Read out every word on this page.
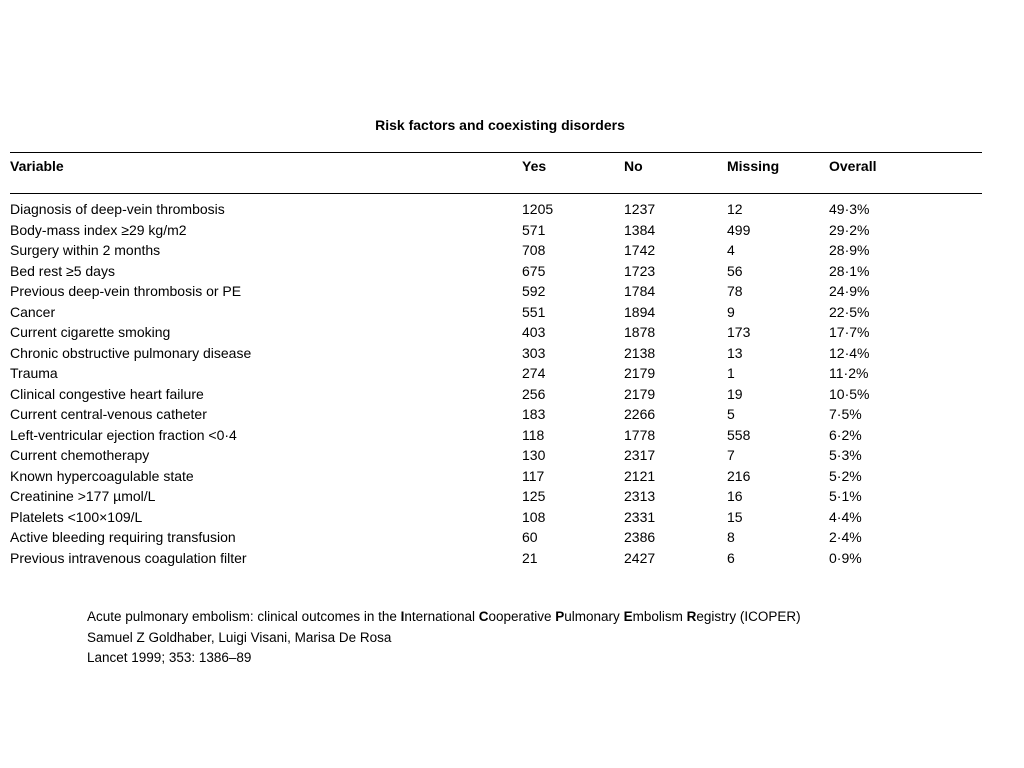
Risk factors and coexisting disorders
Variable	Yes	No	Missing	Overall
Diagnosis of deep-vein thrombosis	1205	1237	12	49·3%
Body-mass index ≥29 kg/m2	571	1384	499	29·2%
Surgery within 2 months	708	1742	4	28·9%
Bed rest ≥5 days	675	1723	56	28·1%
Previous deep-vein thrombosis or PE	592	1784	78	24·9%
Cancer	551	1894	9	22·5%
Current cigarette smoking	403	1878	173	17·7%
Chronic obstructive pulmonary disease	303	2138	13	12·4%
Trauma	274	2179	1	11·2%
Clinical congestive heart failure	256	2179	19	10·5%
Current central-venous catheter	183	2266	5	7·5%
Left-ventricular ejection fraction <0·4	118	1778	558	6·2%
Current chemotherapy	130	2317	7	5·3%
Known hypercoagulable state	117	2121	216	5·2%
Creatinine >177 µmol/L	125	2313	16	5·1%
Platelets <100×109/L	108	2331	15	4·4%
Active bleeding requiring transfusion	60	2386	8	2·4%
Previous intravenous coagulation filter	21	2427	6	0·9%
Acute pulmonary embolism: clinical outcomes in the International Cooperative Pulmonary Embolism Registry (ICOPER)
Samuel Z Goldhaber, Luigi Visani, Marisa De Rosa
Lancet 1999; 353: 1386–89
